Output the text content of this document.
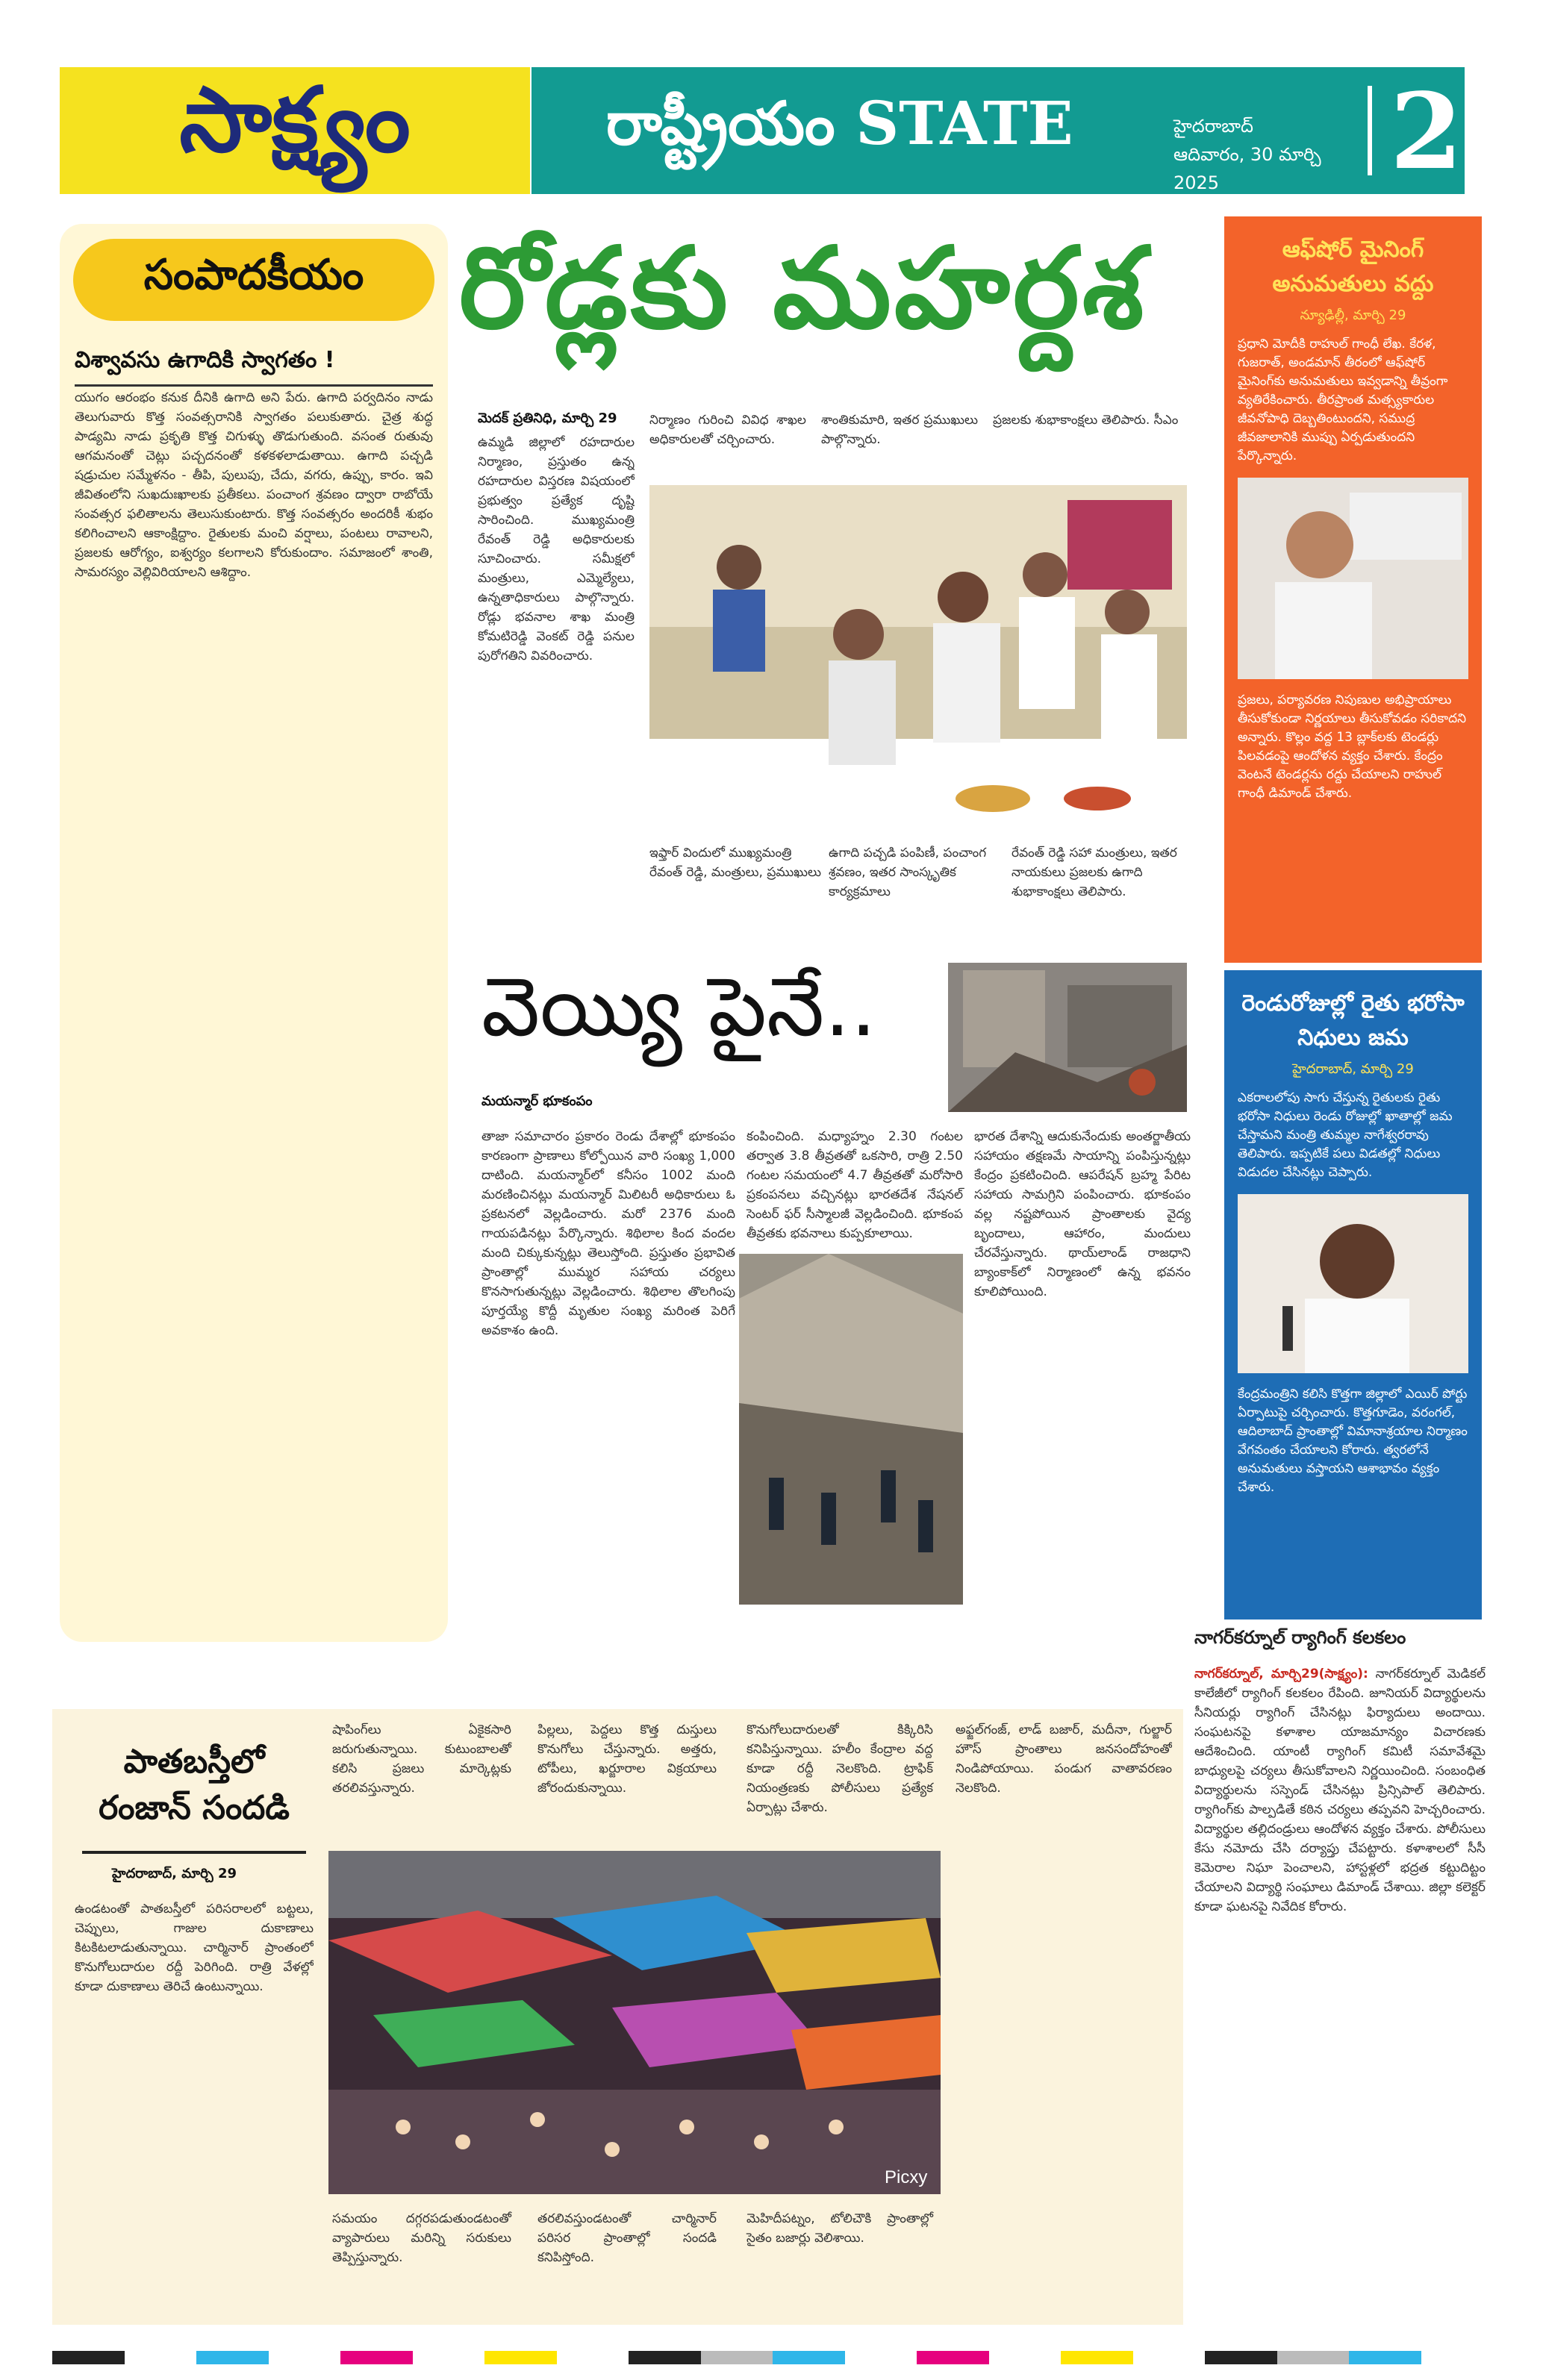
సాక్ష్యం	రాష్ట్రీయం STATE	హైదరాబాద్
ఆదివారం, 30 మార్చి 2025	2
సంపాదకీయం
విశ్వావసు ఉగాదికి స్వాగతం !
యుగం ఆరంభం కనుక దీనికి ఉగాది అని పేరు. ఉగాది పర్వదినం నాడు తెలుగువారు కొత్త సంవత్సరానికి స్వాగతం పలుకుతారు. చైత్ర శుద్ధ పాడ్యమి నాడు ప్రకృతి కొత్త చిగుళ్ళు తొడుగుతుంది. వసంత రుతువు ఆగమనంతో చెట్లు పచ్చదనంతో కళకళలాడుతాయి. ఉగాది పచ్చడి షడ్రుచుల సమ్మేళనం - తీపి, పులుపు, చేదు, వగరు, ఉప్పు, కారం. ఇవి జీవితంలోని సుఖదుఃఖాలకు ప్రతీకలు. పంచాంగ శ్రవణం ద్వారా రాబోయే సంవత్సర ఫలితాలను తెలుసుకుంటారు. కొత్త సంవత్సరం అందరికీ శుభం కలిగించాలని ఆకాంక్షిద్దాం. రైతులకు మంచి వర్షాలు, పంటలు రావాలని, ప్రజలకు ఆరోగ్యం, ఐశ్వర్యం కలగాలని కోరుకుందాం. సమాజంలో శాంతి, సామరస్యం వెల్లివిరియాలని ఆశిద్దాం.
రోడ్లకు మహర్దశ
మెదక్ ప్రతినిధి, మార్చి 29
ఉమ్మడి జిల్లాలో రహదారుల నిర్మాణం, ప్రస్తుతం ఉన్న రహదారుల విస్తరణ విషయంలో ప్రభుత్వం ప్రత్యేక దృష్టి సారించింది. ముఖ్యమంత్రి రేవంత్ రెడ్డి అధికారులకు సూచించారు. సమీక్షలో మంత్రులు, ఎమ్మెల్యేలు, ఉన్నతాధికారులు పాల్గొన్నారు. రోడ్లు భవనాల శాఖ మంత్రి కోమటిరెడ్డి వెంకట్ రెడ్డి పనుల పురోగతిని వివరించారు.
నిర్మాణం గురించి వివిధ శాఖల అధికారులతో చర్చించారు.
శాంతికుమారి, ఇతర ప్రముఖులు పాల్గొన్నారు.
ప్రజలకు శుభాకాంక్షలు తెలిపారు. సీఎం
ఇఫ్తార్ విందులో ముఖ్యమంత్రి రేవంత్ రెడ్డి, మంత్రులు, ప్రముఖులు
ఉగాది పచ్చడి పంపిణీ, పంచాంగ శ్రవణం, ఇతర సాంస్కృతిక కార్యక్రమాలు
రేవంత్ రెడ్డి సహా మంత్రులు, ఇతర నాయకులు ప్రజలకు ఉగాది శుభాకాంక్షలు తెలిపారు.
వెయ్యి పైనే..
మయన్మార్ భూకంపం
తాజా సమాచారం ప్రకారం రెండు దేశాల్లో భూకంపం కారణంగా ప్రాణాలు కోల్పోయిన వారి సంఖ్య 1,000 దాటింది. మయన్మార్‌లో కనీసం 1002 మంది మరణించినట్లు మయన్మార్ మిలిటరీ అధికారులు ఓ ప్రకటనలో వెల్లడించారు. మరో 2376 మంది గాయపడినట్లు పేర్కొన్నారు. శిథిలాల కింద వందల మంది చిక్కుకున్నట్లు తెలుస్తోంది. ప్రస్తుతం ప్రభావిత ప్రాంతాల్లో ముమ్మర సహాయ చర్యలు కొనసాగుతున్నట్లు వెల్లడించారు. శిథిలాల తొలగింపు పూర్తయ్యే కొద్దీ మృతుల సంఖ్య మరింత పెరిగే అవకాశం ఉంది.
కంపించింది. మధ్యాహ్నం 2.30 గంటల తర్వాత 3.8 తీవ్రతతో ఒకసారి, రాత్రి 2.50 గంటల సమయంలో 4.7 తీవ్రతతో మరోసారి ప్రకంపనలు వచ్చినట్లు భారతదేశ నేషనల్ సెంటర్ ఫర్ సీస్మాలజీ వెల్లడించింది. భూకంప తీవ్రతకు భవనాలు కుప్పకూలాయి.
భారత దేశాన్ని ఆదుకునేందుకు అంతర్జాతీయ సహాయం తక్షణమే సాయాన్ని పంపిస్తున్నట్లు కేంద్రం ప్రకటించింది. ఆపరేషన్ బ్రహ్మ పేరిట సహాయ సామగ్రిని పంపించారు. భూకంపం వల్ల నష్టపోయిన ప్రాంతాలకు వైద్య బృందాలు, ఆహారం, మందులు చేరవేస్తున్నారు. థాయ్‌లాండ్ రాజధాని బ్యాంకాక్‌లో నిర్మాణంలో ఉన్న భవనం కూలిపోయింది.
ఆఫ్‌షోర్ మైనింగ్ అనుమతులు వద్దు
న్యూఢిల్లీ, మార్చి 29
ప్రధాని మోదీకి రాహుల్ గాంధీ లేఖ. కేరళ, గుజరాత్, అండమాన్ తీరంలో ఆఫ్‌షోర్ మైనింగ్‌కు అనుమతులు ఇవ్వడాన్ని తీవ్రంగా వ్యతిరేకించారు. తీరప్రాంత మత్స్యకారుల జీవనోపాధి దెబ్బతింటుందని, సముద్ర జీవజాలానికి ముప్పు ఏర్పడుతుందని పేర్కొన్నారు.
ప్రజలు, పర్యావరణ నిపుణుల అభిప్రాయాలు తీసుకోకుండా నిర్ణయాలు తీసుకోవడం సరికాదని అన్నారు. కొల్లం వద్ద 13 బ్లాక్‌లకు టెండర్లు పిలవడంపై ఆందోళన వ్యక్తం చేశారు. కేంద్రం వెంటనే టెండర్లను రద్దు చేయాలని రాహుల్ గాంధీ డిమాండ్ చేశారు.
రెండురోజుల్లో రైతు భరోసా నిధులు జమ
హైదరాబాద్, మార్చి 29
ఎకరాలలోపు సాగు చేస్తున్న రైతులకు రైతు భరోసా నిధులు రెండు రోజుల్లో ఖాతాల్లో జమ చేస్తామని మంత్రి తుమ్మల నాగేశ్వరరావు తెలిపారు. ఇప్పటికే పలు విడతల్లో నిధులు విడుదల చేసినట్లు చెప్పారు.
కేంద్రమంత్రిని కలిసి కొత్తగా జిల్లాలో ఎయిర్ పోర్టు ఏర్పాటుపై చర్చించారు. కొత్తగూడెం, వరంగల్, ఆదిలాబాద్ ప్రాంతాల్లో విమానాశ్రయాల నిర్మాణం వేగవంతం చేయాలని కోరారు. త్వరలోనే అనుమతులు వస్తాయని ఆశాభావం వ్యక్తం చేశారు.
నాగర్‌కర్నూల్ ర్యాగింగ్ కలకలం
నాగర్‌కర్నూల్, మార్చి29(సాక్ష్యం): నాగర్‌కర్నూల్ మెడికల్ కాలేజీలో ర్యాగింగ్ కలకలం రేపింది. జూనియర్ విద్యార్థులను సీనియర్లు ర్యాగింగ్ చేసినట్లు ఫిర్యాదులు అందాయి. సంఘటనపై కళాశాల యాజమాన్యం విచారణకు ఆదేశించింది. యాంటీ ర్యాగింగ్ కమిటీ సమావేశమై బాధ్యులపై చర్యలు తీసుకోవాలని నిర్ణయించింది. సంబంధిత విద్యార్థులను సస్పెండ్ చేసినట్లు ప్రిన్సిపాల్ తెలిపారు. ర్యాగింగ్‌కు పాల్పడితే కఠిన చర్యలు తప్పవని హెచ్చరించారు. విద్యార్థుల తల్లిదండ్రులు ఆందోళన వ్యక్తం చేశారు. పోలీసులు కేసు నమోదు చేసి దర్యాప్తు చేపట్టారు. కళాశాలలో సీసీ కెమెరాల నిఘా పెంచాలని, హాస్టళ్లలో భద్రత కట్టుదిట్టం చేయాలని విద్యార్థి సంఘాలు డిమాండ్ చేశాయి. జిల్లా కలెక్టర్ కూడా ఘటనపై నివేదిక కోరారు.
పాతబస్తీలో రంజాన్ సందడి
హైదరాబాద్, మార్చి 29
ఉండటంతో పాతబస్తీలో పరిసరాలలో బట్టలు, చెప్పులు, గాజుల దుకాణాలు కిటకిటలాడుతున్నాయి. చార్మినార్ ప్రాంతంలో కొనుగోలుదారుల రద్దీ పెరిగింది. రాత్రి వేళల్లో కూడా దుకాణాలు తెరిచే ఉంటున్నాయి.
షాపింగ్‌లు ఏకైకసారి జరుగుతున్నాయి. కుటుంబాలతో కలిసి ప్రజలు మార్కెట్లకు తరలివస్తున్నారు.
పిల్లలు, పెద్దలు కొత్త దుస్తులు కొనుగోలు చేస్తున్నారు. అత్తరు, టోపీలు, ఖర్జూరాల విక్రయాలు జోరందుకున్నాయి.
కొనుగోలుదారులతో కిక్కిరిసి కనిపిస్తున్నాయి. హలీం కేంద్రాల వద్ద కూడా రద్దీ నెలకొంది. ట్రాఫిక్ నియంత్రణకు పోలీసులు ప్రత్యేక ఏర్పాట్లు చేశారు.
అఫ్జల్‌గంజ్, లాడ్ బజార్, మదీనా, గుల్జార్ హౌస్ ప్రాంతాలు జనసందోహంతో నిండిపోయాయి. పండుగ వాతావరణం నెలకొంది.
Picxy
సమయం దగ్గరపడుతుండటంతో వ్యాపారులు మరిన్ని సరుకులు తెప్పిస్తున్నారు.
తరలివస్తుండటంతో చార్మినార్ పరిసర ప్రాంతాల్లో సందడి కనిపిస్తోంది.
మెహిదీపట్నం, టోలిచౌకి ప్రాంతాల్లో సైతం బజార్లు వెలిశాయి.
